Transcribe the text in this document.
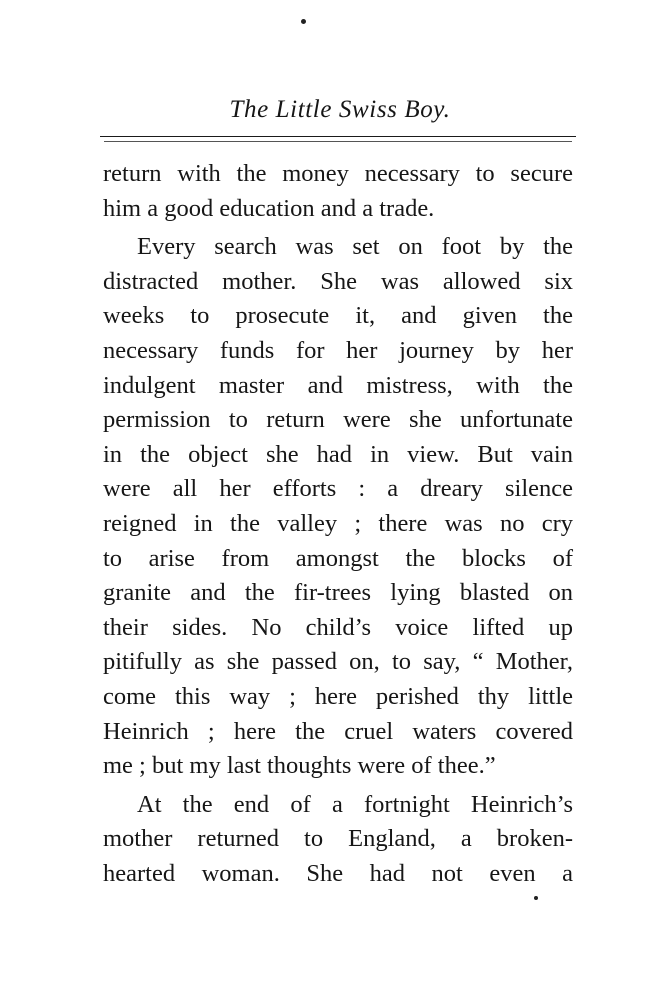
The Little Swiss Boy.
return with the money necessary to secure
him a good education and a trade.
Every search was set on foot by the
distracted mother. She was allowed six
weeks to prosecute it, and given the
necessary funds for her journey by her
indulgent master and mistress, with the
permission to return were she unfortunate
in the object she had in view. But vain
were all her efforts : a dreary silence
reigned in the valley ; there was no cry
to arise from amongst the blocks of
granite and the fir-trees lying blasted on
their sides. No child’s voice lifted up
pitifully as she passed on, to say, “ Mother,
come this way ; here perished thy little
Heinrich ; here the cruel waters covered
me ; but my last thoughts were of thee.”
At the end of a fortnight Heinrich’s
mother returned to England, a broken-
hearted woman. She had not even a
